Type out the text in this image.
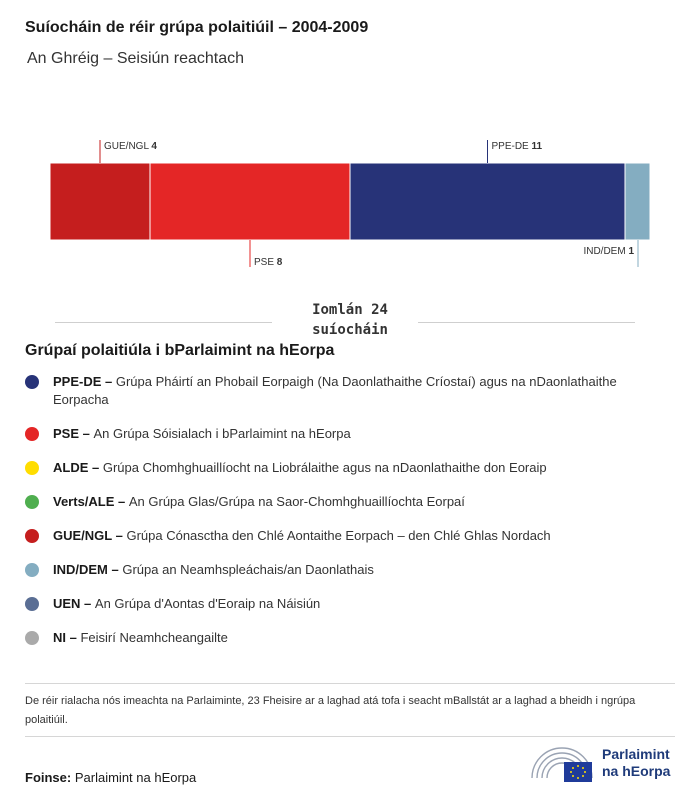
Suíocháin de réir grúpa polaitiúil – 2004-2009
An Ghréig – Seisiún reachtach
GUE/NGL 4
PSE 8
PPE-DE 11
IND/DEM 1
Iomlán 24 suíocháin
Grúpaí polaitiúla i bParlaimint na hEorpa
PPE-DE – Grúpa Pháirtí an Phobail Eorpaigh (Na Daonlathaithe Críostaí) agus na nDaonlathaithe Eorpacha
PSE – An Grúpa Sóisialach i bParlaimint na hEorpa
ALDE – Grúpa Chomhghuaillíocht na Liobrálaithe agus na nDaonlathaithe don Eoraip
Verts/ALE – An Grúpa Glas/Grúpa na Saor-Chomhghuaillíochta Eorpaí
GUE/NGL – Grúpa Cónasctha den Chlé Aontaithe Eorpach – den Chlé Ghlas Nordach
IND/DEM – Grúpa an Neamhspleáchais/an Daonlathais
UEN – An Grúpa d'Aontas d'Eoraip na Náisiún
NI – Feisirí Neamhcheangailte
De réir rialacha nós imeachta na Parlaiminte, 23 Fheisire ar a laghad atá tofa i seacht mBallstát ar a laghad a bheidh i ngrúpa polaitiúil.
Foinse: Parlaimint na hEorpa
Parlaimint
na hEorpa
